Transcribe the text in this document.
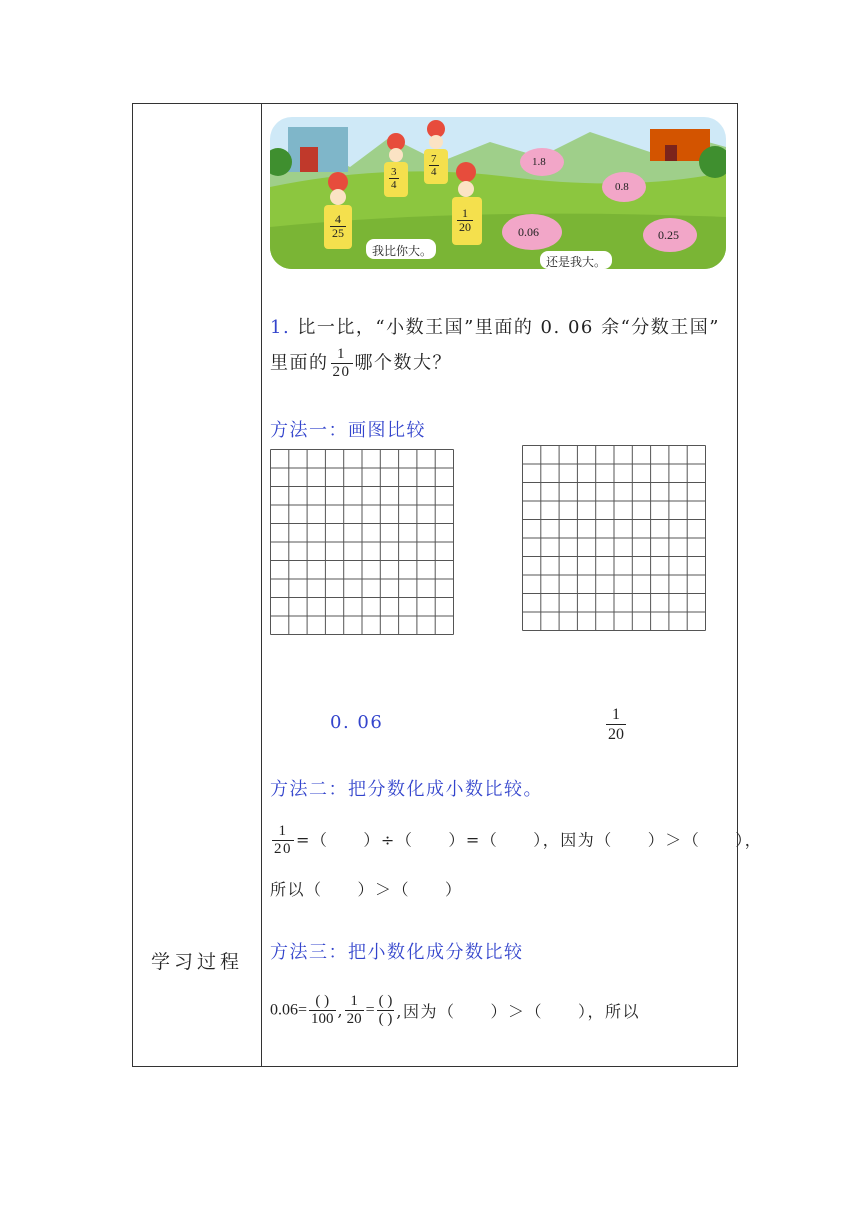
学习过程
$\frac{4}{25}$
$\frac{3}{4}$
$\frac{7}{4}$
$\frac{1}{20}$
1.8
0.8
0.06	0.25
我比你大。
还是我大。
1. 比一比，“小数王国”里面的 0. 06 余“分数王国”
里面的 $\frac{1}{20}$ 哪个数大？
方法一：画图比较
0. 06	$\frac{1}{20}$
方法二：把分数化成小数比较。
$\frac{1}{20}$ =（　　）÷（　　）=（　　），因为（　　）＞（　　），
所以（　　）＞（　　）
方法三：把小数化成分数比较
$0.06= \frac{( )}{100}$ , $\frac{1}{20} = \frac{( )}{( )}$ ,因为（　　）＞（　　），所以
